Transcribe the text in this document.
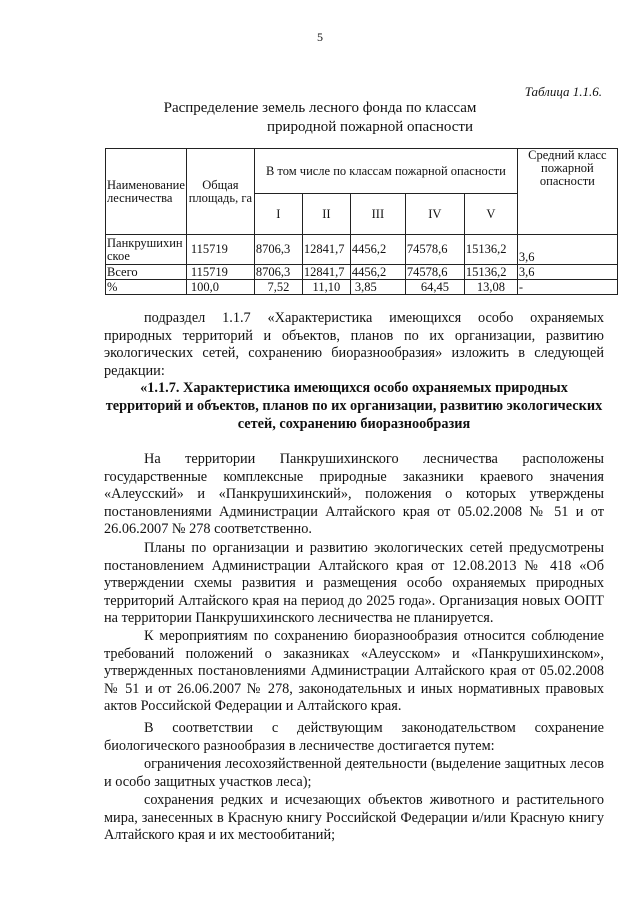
5
Таблица 1.1.6.
Распределение земель лесного фонда по классам
природной пожарной опасности
Наименование лесничества	Общая площадь, га	В том числе по классам пожарной опасности					Средний класс пожарной опасности
		I	II	III	IV	V	
Панкрушихин ское	115719	8706,3	12841,7	4456,2	74578,6	15136,2	3,6
Всего	115719	8706,3	12841,7	4456,2	74578,6	15136,2	3,6
%	100,0	7,52	11,10	3,85	64,45	13,08	-
подраздел 1.1.7 «Характеристика имеющихся особо охраняемых природных территорий и объектов, планов по их организации, развитию экологических сетей, сохранению биоразнообразия» изложить в следующей редакции:
«1.1.7. Характеристика имеющихся особо охраняемых природных территорий и объектов, планов по их организации, развитию экологических сетей, сохранению биоразнообразия
На территории Панкрушихинского лесничества расположены государственные комплексные природные заказники краевого значения «Алеусский» и «Панкрушихинский», положения о которых утверждены постановлениями Администрации Алтайского края от 05.02.2008 № 51 и от 26.06.2007 № 278 соответственно.
Планы по организации и развитию экологических сетей предусмотрены постановлением Администрации Алтайского края от 12.08.2013 № 418 «Об утверждении схемы развития и размещения особо охраняемых природных территорий Алтайского края на период до 2025 года». Организация новых ООПТ на территории Панкрушихинского лесничества не планируется.
К мероприятиям по сохранению биоразнообразия относится соблюдение требований положений о заказниках «Алеусском» и «Панкрушихинском», утвержденных постановлениями Администрации Алтайского края от 05.02.2008 № 51 и от 26.06.2007 № 278, законодательных и иных нормативных правовых актов Российской Федерации и Алтайского края.
В соответствии с действующим законодательством сохранение биологического разнообразия в лесничестве достигается путем:
ограничения лесохозяйственной деятельности (выделение защитных лесов и особо защитных участков леса);
сохранения редких и исчезающих объектов животного и растительного мира, занесенных в Красную книгу Российской Федерации и/или Красную книгу Алтайского края и их местообитаний;
